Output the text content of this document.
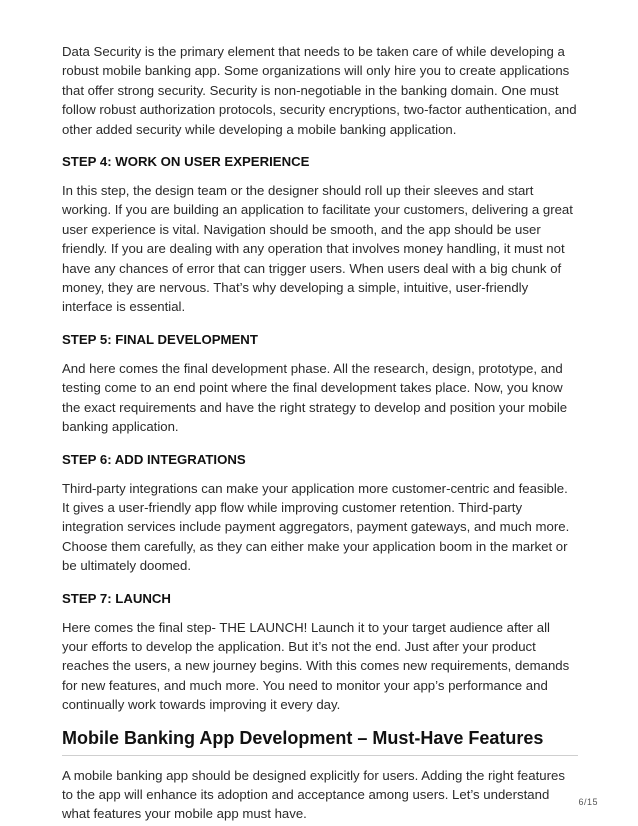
Data Security is the primary element that needs to be taken care of while developing a robust mobile banking app. Some organizations will only hire you to create applications that offer strong security. Security is non-negotiable in the banking domain. One must follow robust authorization protocols, security encryptions, two-factor authentication, and other added security while developing a mobile banking application.

STEP 4: WORK ON USER EXPERIENCE

In this step, the design team or the designer should roll up their sleeves and start working. If you are building an application to facilitate your customers, delivering a great user experience is vital. Navigation should be smooth, and the app should be user friendly. If you are dealing with any operation that involves money handling, it must not have any chances of error that can trigger users. When users deal with a big chunk of money, they are nervous. That’s why developing a simple, intuitive, user-friendly interface is essential.

STEP 5: FINAL DEVELOPMENT

And here comes the final development phase. All the research, design, prototype, and testing come to an end point where the final development takes place. Now, you know the exact requirements and have the right strategy to develop and position your mobile banking application.

STEP 6: ADD INTEGRATIONS

Third-party integrations can make your application more customer-centric and feasible. It gives a user-friendly app flow while improving customer retention. Third-party integration services include payment aggregators, payment gateways, and much more. Choose them carefully, as they can either make your application boom in the market or be ultimately doomed.

STEP 7: LAUNCH

Here comes the final step- THE LAUNCH! Launch it to your target audience after all your efforts to develop the application. But it’s not the end. Just after your product reaches the users, a new journey begins. With this comes new requirements, demands for new features, and much more. You need to monitor your app’s performance and continually work towards improving it every day.

Mobile Banking App Development – Must-Have Features

A mobile banking app should be designed explicitly for users. Adding the right features to the app will enhance its adoption and acceptance among users. Let’s understand what features your mobile app must have.

6/15
